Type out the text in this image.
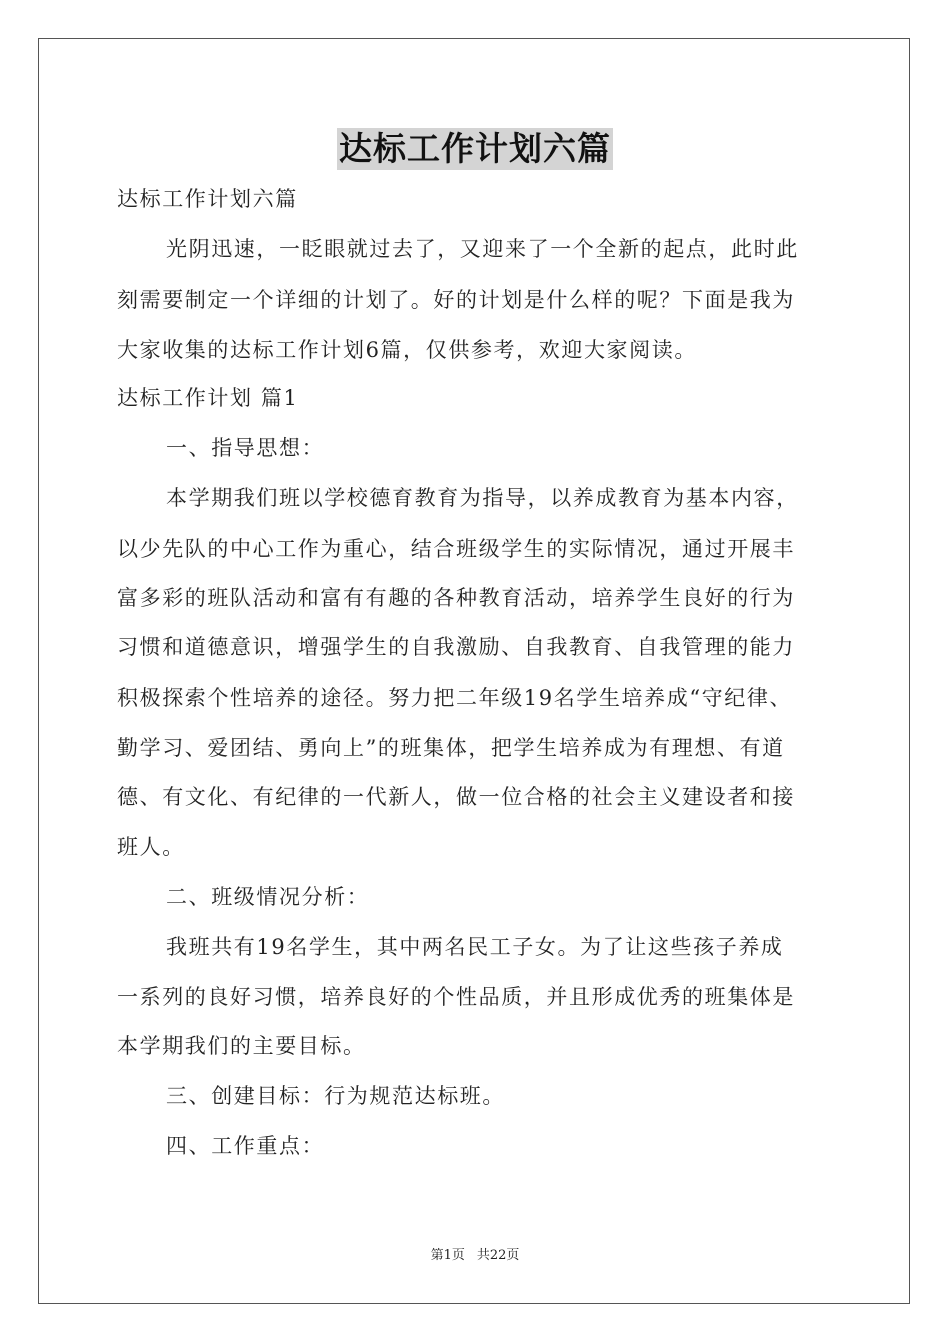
达标工作计划六篇
达标工作计划六篇
光阴迅速，一眨眼就过去了，又迎来了一个全新的起点，此时此
刻需要制定一个详细的计划了。好的计划是什么样的呢？下面是我为
大家收集的达标工作计划6篇，仅供参考，欢迎大家阅读。
达标工作计划 篇1
一、指导思想：
本学期我们班以学校德育教育为指导，以养成教育为基本内容，
以少先队的中心工作为重心，结合班级学生的实际情况，通过开展丰
富多彩的班队活动和富有有趣的各种教育活动，培养学生良好的行为
习惯和道德意识，增强学生的自我激励、自我教育、自我管理的能力
积极探索个性培养的途径。努力把二年级19名学生培养成“守纪律、
勤学习、爱团结、勇向上”的班集体，把学生培养成为有理想、有道
德、有文化、有纪律的一代新人，做一位合格的社会主义建设者和接
班人。
二、班级情况分析：
我班共有19名学生，其中两名民工子女。为了让这些孩子养成
一系列的良好习惯，培养良好的个性品质，并且形成优秀的班集体是
本学期我们的主要目标。
三、创建目标：行为规范达标班。
四、工作重点：
第1页 共22页
